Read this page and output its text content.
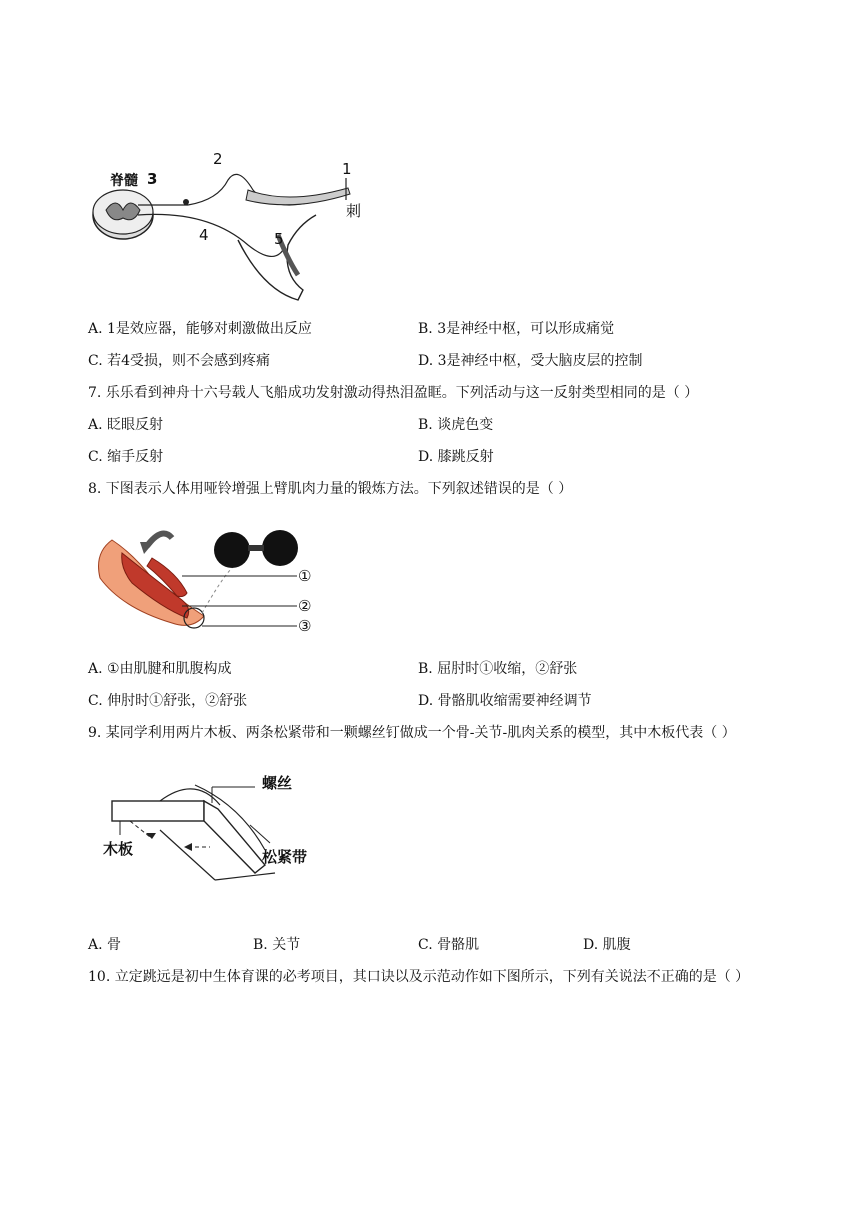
脊髓
1
2
3
4	5
刺
A. 1是效应器，能够对刺激做出反应	B. 3是神经中枢，可以形成痛觉
C. 若4受损，则不会感到疼痛	D. 3是神经中枢，受大脑皮层的控制
7. 乐乐看到神舟十六号载人飞船成功发射激动得热泪盈眶。下列活动与这一反射类型相同的是（ ）
A. 眨眼反射	B. 谈虎色变
C. 缩手反射	D. 膝跳反射
8. 下图表示人体用哑铃增强上臂肌肉力量的锻炼方法。下列叙述错误的是（ ）
①
②
③
A. ①由肌腱和肌腹构成	B. 屈肘时①收缩，②舒张
C. 伸肘时①舒张，②舒张	D. 骨骼肌收缩需要神经调节
9. 某同学利用两片木板、两条松紧带和一颗螺丝钉做成一个骨-关节-肌肉关系的模型，其中木板代表（ ）
螺丝
木板	松紧带
A. 骨	B. 关节	C. 骨骼肌	D. 肌腹
10. 立定跳远是初中生体育课的必考项目，其口诀以及示范动作如下图所示，下列有关说法不正确的是（ ）
